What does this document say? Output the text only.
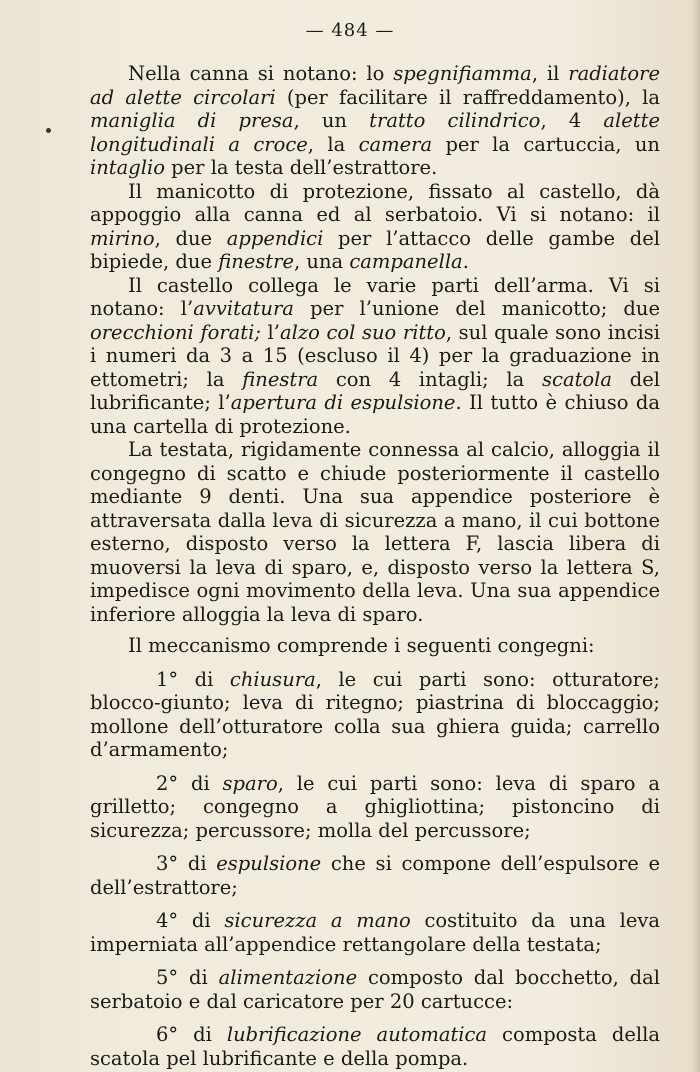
— 484 —

Nella canna si notano: lo spegnifiamma, il radiatore ad alette circolari (per facilitare il raffreddamento), la maniglia di presa, un tratto cilindrico, 4 alette longitudinali a croce, la camera per la cartuccia, un intaglio per la testa dell’estrattore.

Il manicotto di protezione, fissato al castello, dà appoggio alla canna ed al serbatoio. Vi si notano: il mirino, due appendici per l’attacco delle gambe del bipiede, due finestre, una campanella.

Il castello collega le varie parti dell’arma. Vi si notano: l’avvitatura per l’unione del manicotto; due orecchioni forati; l’alzo col suo ritto, sul quale sono incisi i numeri da 3 a 15 (escluso il 4) per la graduazione in ettometri; la finestra con 4 intagli; la scatola del lubrificante; l’apertura di espulsione. Il tutto è chiuso da una cartella di protezione.

La testata, rigidamente connessa al calcio, alloggia il congegno di scatto e chiude posteriormente il castello mediante 9 denti. Una sua appendice posteriore è attraversata dalla leva di sicurezza a mano, il cui bottone esterno, disposto verso la lettera F, lascia libera di muoversi la leva di sparo, e, disposto verso la lettera S, impedisce ogni movimento della leva. Una sua appendice inferiore alloggia la leva di sparo.

Il meccanismo comprende i seguenti congegni:

1° di chiusura, le cui parti sono: otturatore; blocco-giunto; leva di ritegno; piastrina di bloccaggio; mollone dell’otturatore colla sua ghiera guida; carrello d’armamento;

2° di sparo, le cui parti sono: leva di sparo a grilletto; congegno a ghigliottina; pistoncino di sicurezza; percussore; molla del percussore;

3° di espulsione che si compone dell’espulsore e dell’estrattore;

4° di sicurezza a mano costituito da una leva imperniata all’appendice rettangolare della testata;

5° di alimentazione composto dal bocchetto, dal serbatoio e dal caricatore per 20 cartucce:

6° di lubrificazione automatica composta della scatola pel lubrificante e della pompa.
